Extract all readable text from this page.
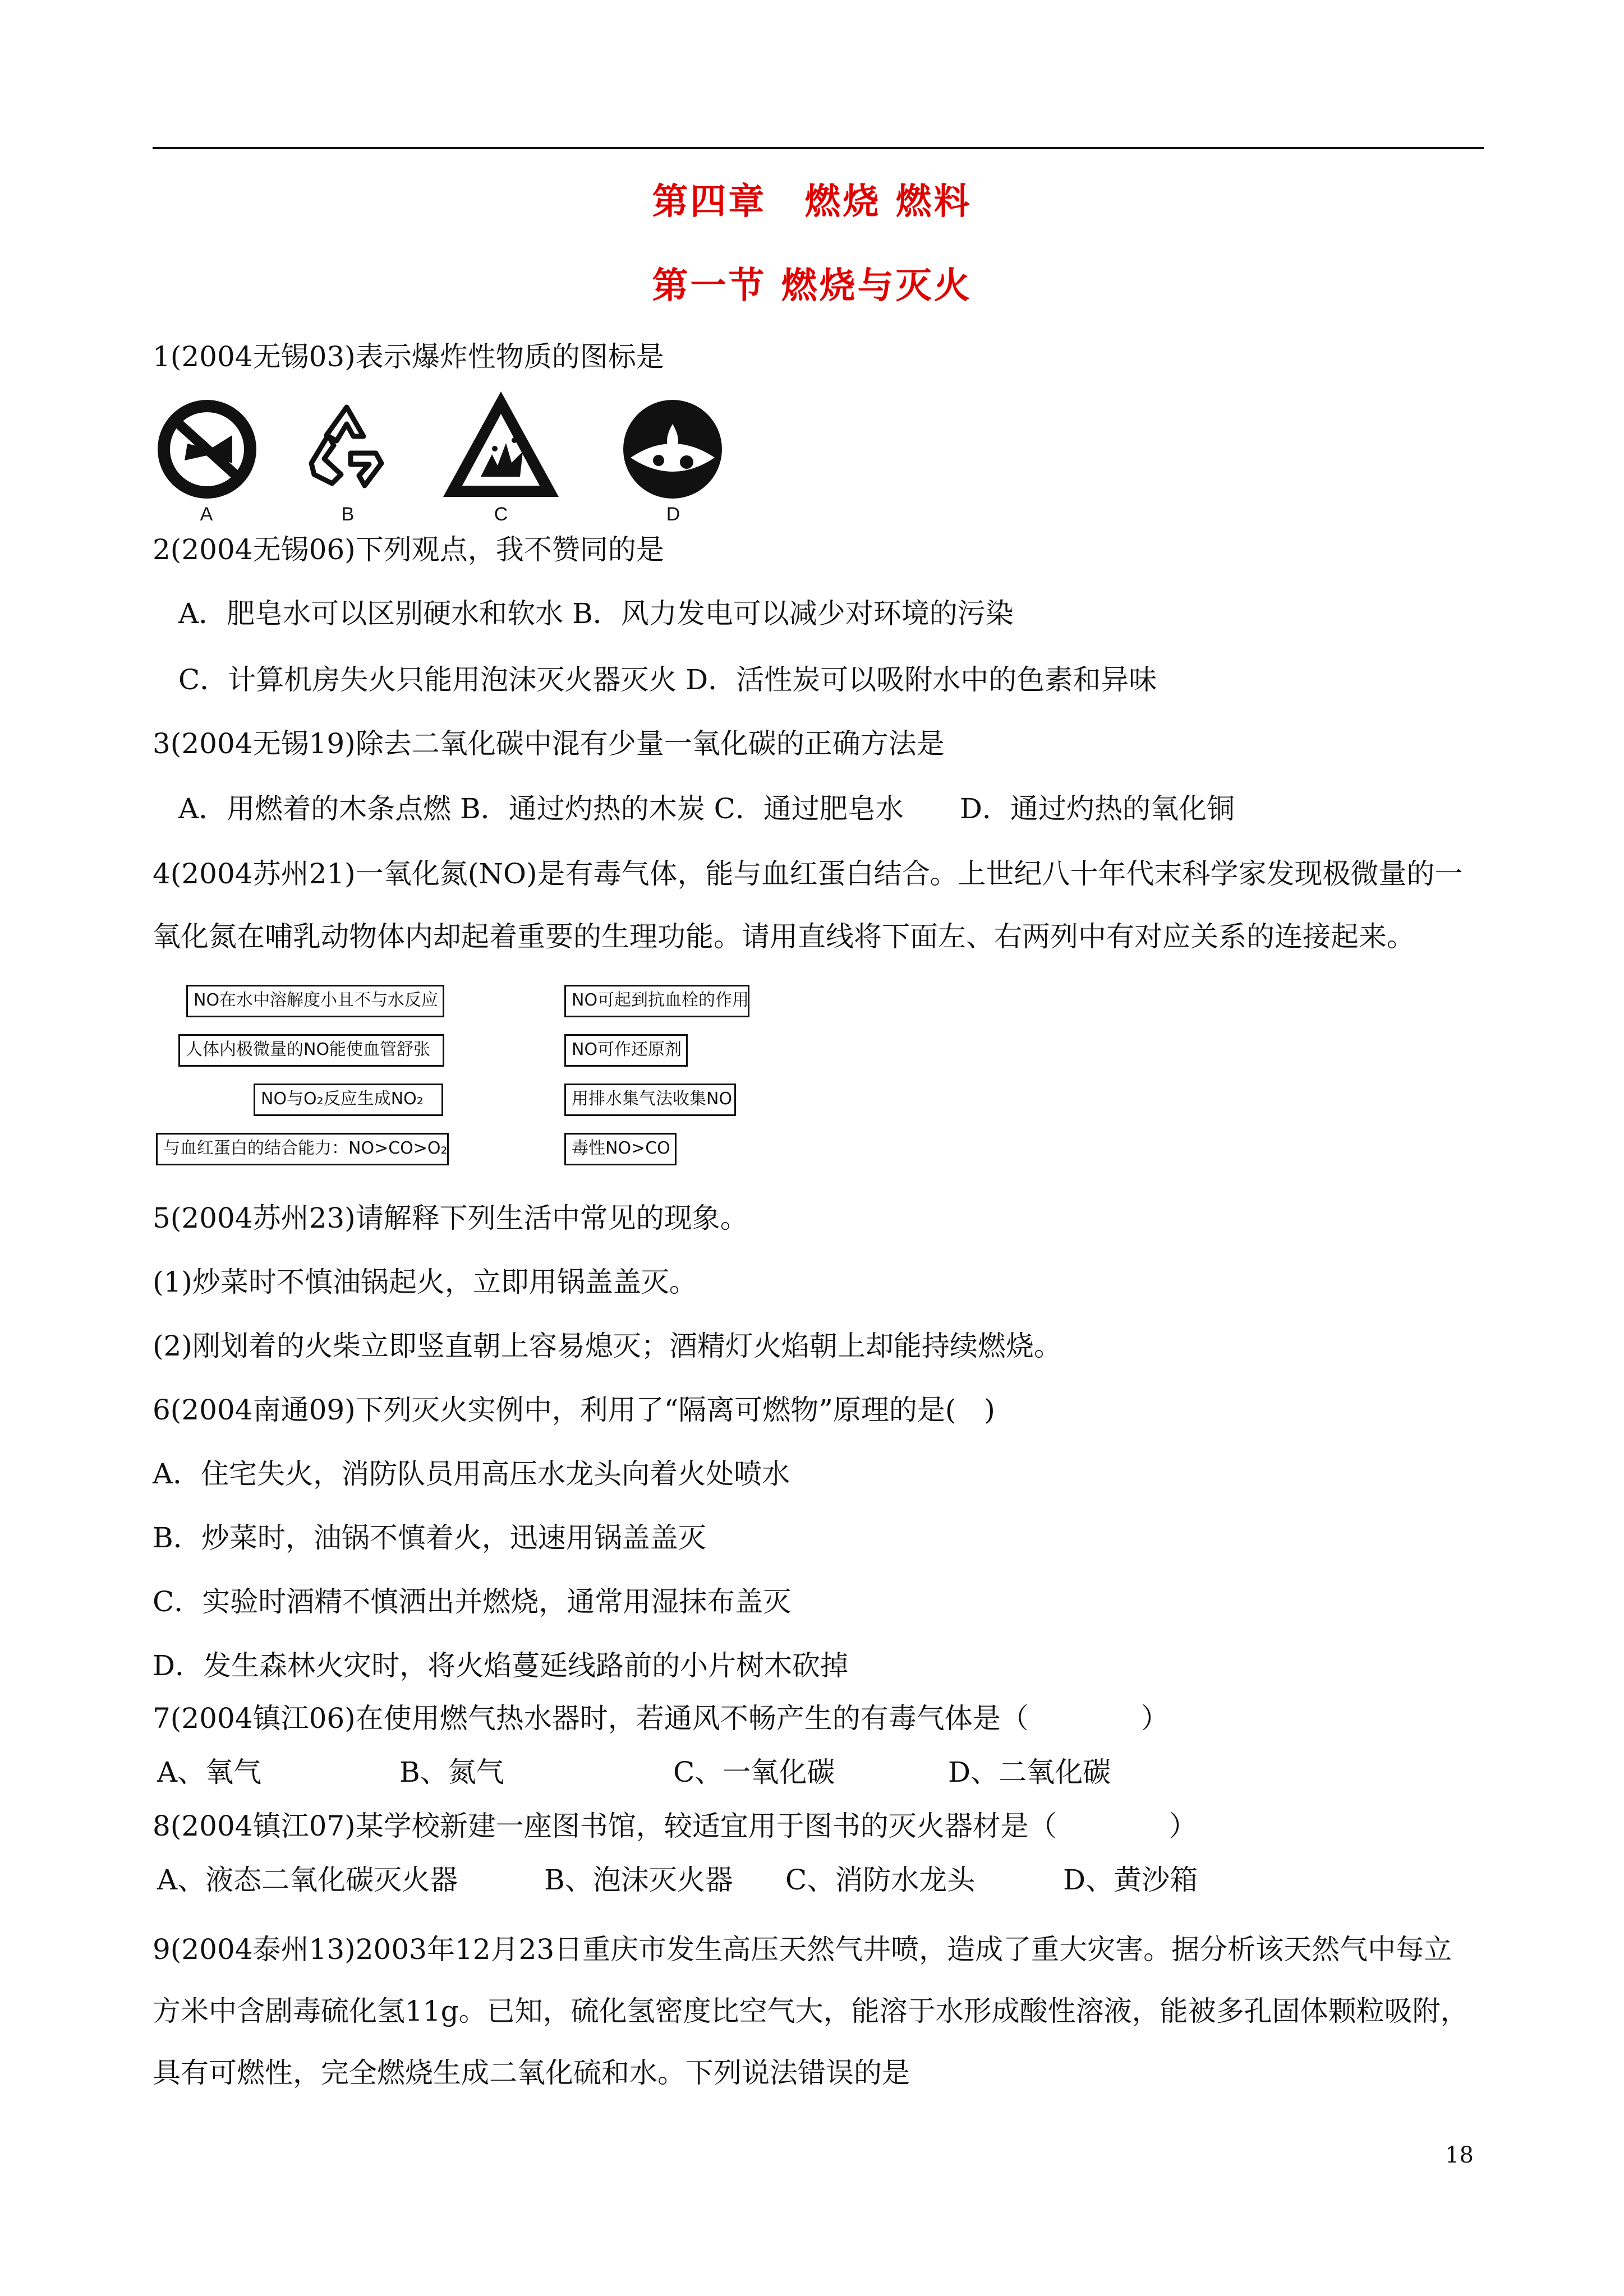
第四章　燃烧 燃料
第一节 燃烧与灭火
1(2004无锡03)表示爆炸性物质的图标是
A	B	C	D
2(2004无锡06)下列观点，我不赞同的是
A．肥皂水可以区别硬水和软水 B．风力发电可以减少对环境的污染
C．计算机房失火只能用泡沫灭火器灭火 D．活性炭可以吸附水中的色素和异味
3(2004无锡19)除去二氧化碳中混有少量一氧化碳的正确方法是
A．用燃着的木条点燃 B．通过灼热的木炭 C．通过肥皂水　　D．通过灼热的氧化铜
4(2004苏州21)一氧化氮(NO)是有毒气体，能与血红蛋白结合。上世纪八十年代末科学家发现极微量的一
氧化氮在哺乳动物体内却起着重要的生理功能。请用直线将下面左、右两列中有对应关系的连接起来。
NO在水中溶解度小且不与水反应
人体内极微量的NO能使血管舒张
NO与O₂反应生成NO₂
与血红蛋白的结合能力：NO>CO>O₂
NO可起到抗血栓的作用
NO可作还原剂
用排水集气法收集NO
毒性NO>CO
5(2004苏州23)请解释下列生活中常见的现象。
(1)炒菜时不慎油锅起火，立即用锅盖盖灭。
(2)刚划着的火柴立即竖直朝上容易熄灭；酒精灯火焰朝上却能持续燃烧。
6(2004南通09)下列灭火实例中，利用了“隔离可燃物”原理的是(　)
A．住宅失火，消防队员用高压水龙头向着火处喷水
B．炒菜时，油锅不慎着火，迅速用锅盖盖灭
C．实验时酒精不慎洒出并燃烧，通常用湿抹布盖灭
D．发生森林火灾时，将火焰蔓延线路前的小片树木砍掉
7(2004镇江06)在使用燃气热水器时，若通风不畅产生的有毒气体是（　　　　）
A、氧气	B、氮气	C、一氧化碳	D、二氧化碳
8(2004镇江07)某学校新建一座图书馆，较适宜用于图书的灭火器材是（　　　　）
A、液态二氧化碳灭火器	B、泡沫灭火器 C、消防水龙头	D、黄沙箱
9(2004泰州13)2003年12月23日重庆市发生高压天然气井喷，造成了重大灾害。据分析该天然气中每立
方米中含剧毒硫化氢11g。已知，硫化氢密度比空气大，能溶于水形成酸性溶液，能被多孔固体颗粒吸附，
具有可燃性，完全燃烧生成二氧化硫和水。下列说法错误的是
18
